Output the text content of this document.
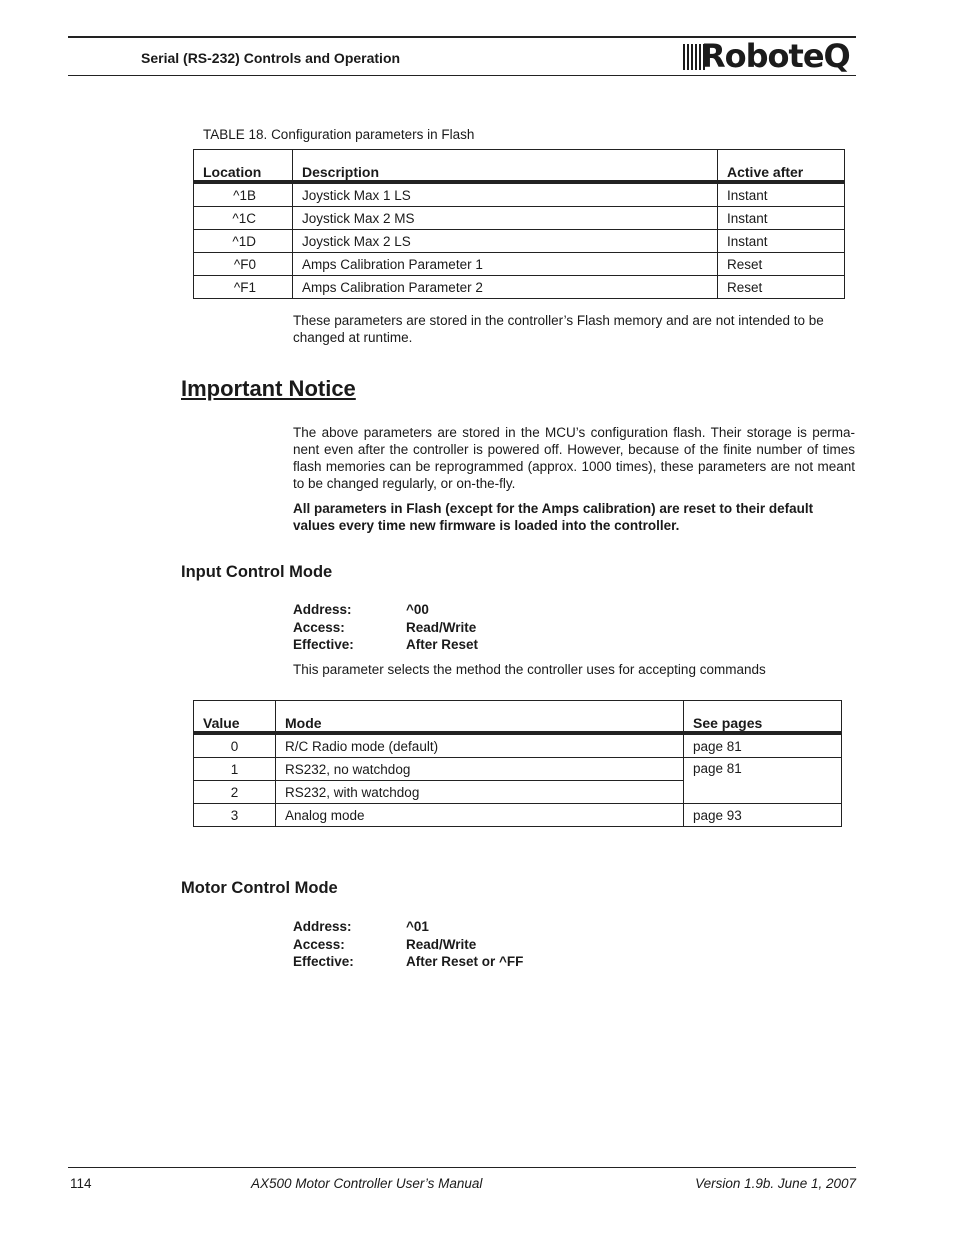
Serial (RS-232) Controls and Operation	RoboteQ
TABLE 18. Configuration parameters in Flash
Location	Description	Active after
^1B	Joystick Max 1 LS	Instant
^1C	Joystick Max 2 MS	Instant
^1D	Joystick Max 2 LS	Instant
^F0	Amps Calibration Parameter 1	Reset
^F1	Amps Calibration Parameter 2	Reset
These parameters are stored in the controller’s Flash memory and are not intended to be changed at runtime.
Important Notice
The above parameters are stored in the MCU’s configuration flash. Their storage is perma-nent even after the controller is powered off. However, because of the finite number of times flash memories can be reprogrammed (approx. 1000 times), these parameters are not meant to be changed regularly, or on-the-fly.
All parameters in Flash (except for the Amps calibration) are reset to their default values every time new firmware is loaded into the controller.
Input Control Mode
Address:	^00
Access:	Read/Write
Effective:	After Reset
This parameter selects the method the controller uses for accepting commands
Value	Mode	See pages
0	R/C Radio mode (default)	page 81
1	RS232, no watchdog	page 81
2	RS232, with watchdog	
3	Analog mode	page 93
Motor Control Mode
Address:	^01
Access:	Read/Write
Effective:	After Reset or ^FF
114	AX500 Motor Controller User’s Manual	Version 1.9b. June 1, 2007
